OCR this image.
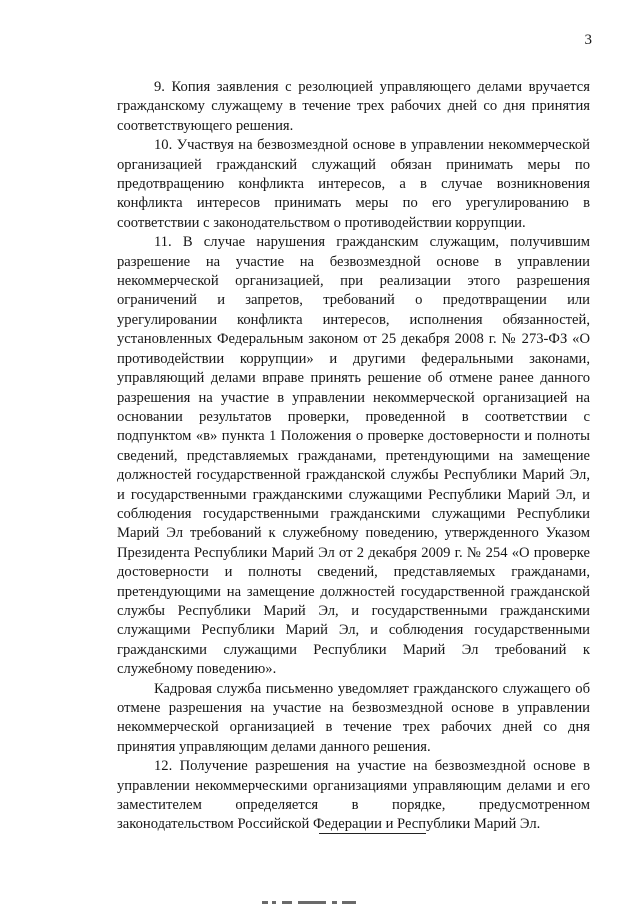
3

9. Копия заявления с резолюцией управляющего делами вручается гражданскому служащему в течение трех рабочих дней со дня принятия соответствующего решения.

10. Участвуя на безвозмездной основе в управлении некоммерческой организацией гражданский служащий обязан принимать меры по предотвращению конфликта интересов, а в случае возникновения конфликта интересов принимать меры по его урегулированию в соответствии с законодательством о противодействии коррупции.

11. В случае нарушения гражданским служащим, получившим разрешение на участие на безвозмездной основе в управлении некоммерческой организацией, при реализации этого разрешения ограничений и запретов, требований о предотвращении или урегулировании конфликта интересов, исполнения обязанностей, установленных Федеральным законом от 25 декабря 2008 г. № 273-ФЗ «О противодействии коррупции» и другими федеральными законами, управляющий делами вправе принять решение об отмене ранее данного разрешения на участие в управлении некоммерческой организацией на основании результатов проверки, проведенной в соответствии с подпунктом «в» пункта 1 Положения о проверке достоверности и полноты сведений, представляемых гражданами, претендующими на замещение должностей государственной гражданской службы Республики Марий Эл, и государственными гражданскими служащими Республики Марий Эл, и соблюдения государственными гражданскими служащими Республики Марий Эл требований к служебному поведению, утвержденного Указом Президента Республики Марий Эл от 2 декабря 2009 г. № 254 «О проверке достоверности и полноты сведений, представляемых гражданами, претендующими на замещение должностей государственной гражданской службы Республики Марий Эл, и государственными гражданскими служащими Республики Марий Эл, и соблюдения государственными гражданскими служащими Республики Марий Эл требований к служебному поведению».

Кадровая служба письменно уведомляет гражданского служащего об отмене разрешения на участие на безвозмездной основе в управлении некоммерческой организацией в течение трех рабочих дней со дня принятия управляющим делами данного решения.

12. Получение разрешения на участие на безвозмездной основе в управлении некоммерческими организациями управляющим делами и его заместителем определяется в порядке, предусмотренном законодательством Российской Федерации и Республики Марий Эл.
